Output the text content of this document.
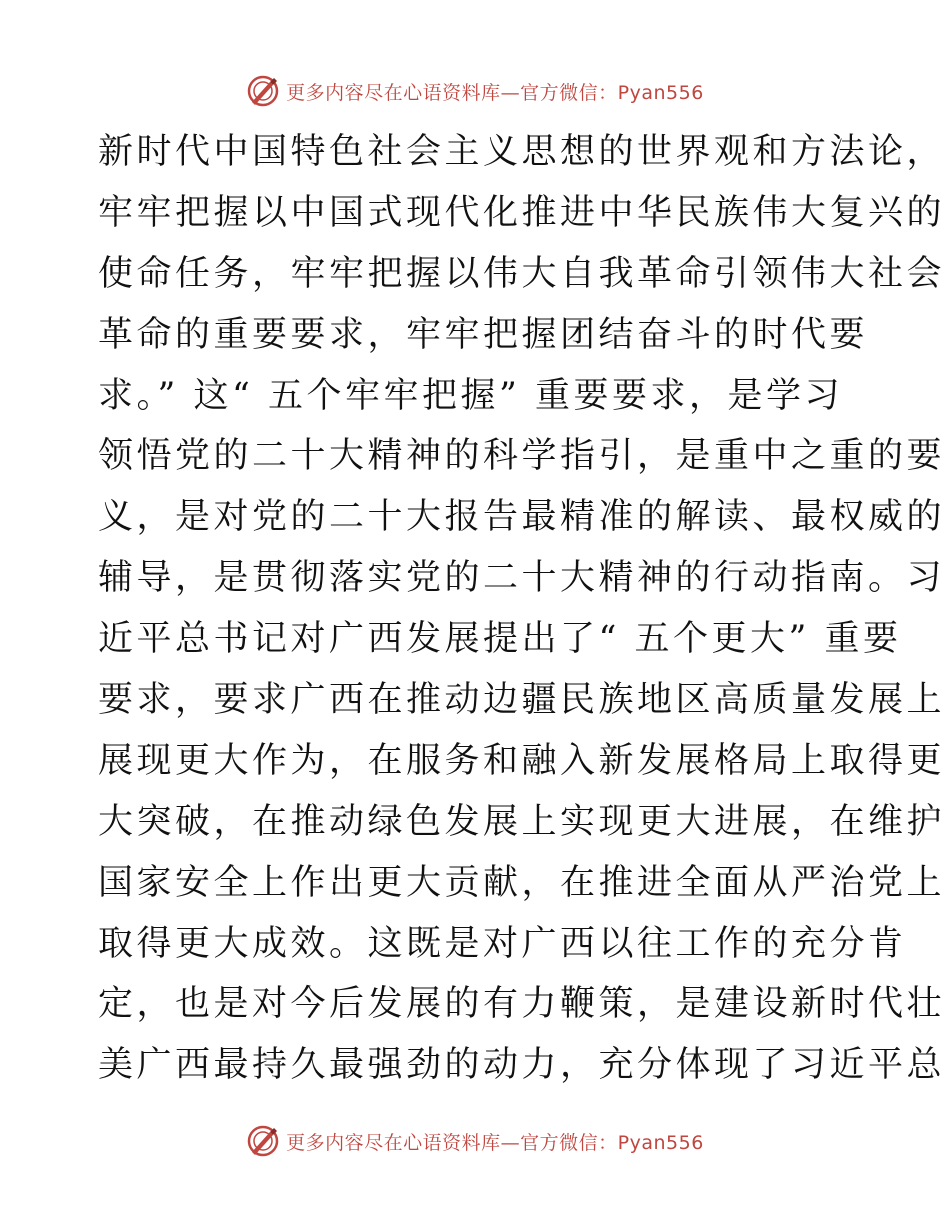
更多内容尽在心语资料库—官方微信：Pyan556
新时代中国特色社会主义思想的世界观和方法论，
牢牢把握以中国式现代化推进中华民族伟大复兴的
使命任务，牢牢把握以伟大自我革命引领伟大社会
革命的重要要求，牢牢把握团结奋斗的时代要
求。” 这“ 五个牢牢把握” 重要要求，是学习
领悟党的二十大精神的科学指引，是重中之重的要
义，是对党的二十大报告最精准的解读、最权威的
辅导，是贯彻落实党的二十大精神的行动指南。习
近平总书记对广西发展提出了“ 五个更大” 重要
要求，要求广西在推动边疆民族地区高质量发展上
展现更大作为，在服务和融入新发展格局上取得更
大突破，在推动绿色发展上实现更大进展，在维护
国家安全上作出更大贡献，在推进全面从严治党上
取得更大成效。这既是对广西以往工作的充分肯
定，也是对今后发展的有力鞭策，是建设新时代壮
美广西最持久最强劲的动力，充分体现了习近平总
更多内容尽在心语资料库—官方微信：Pyan556
